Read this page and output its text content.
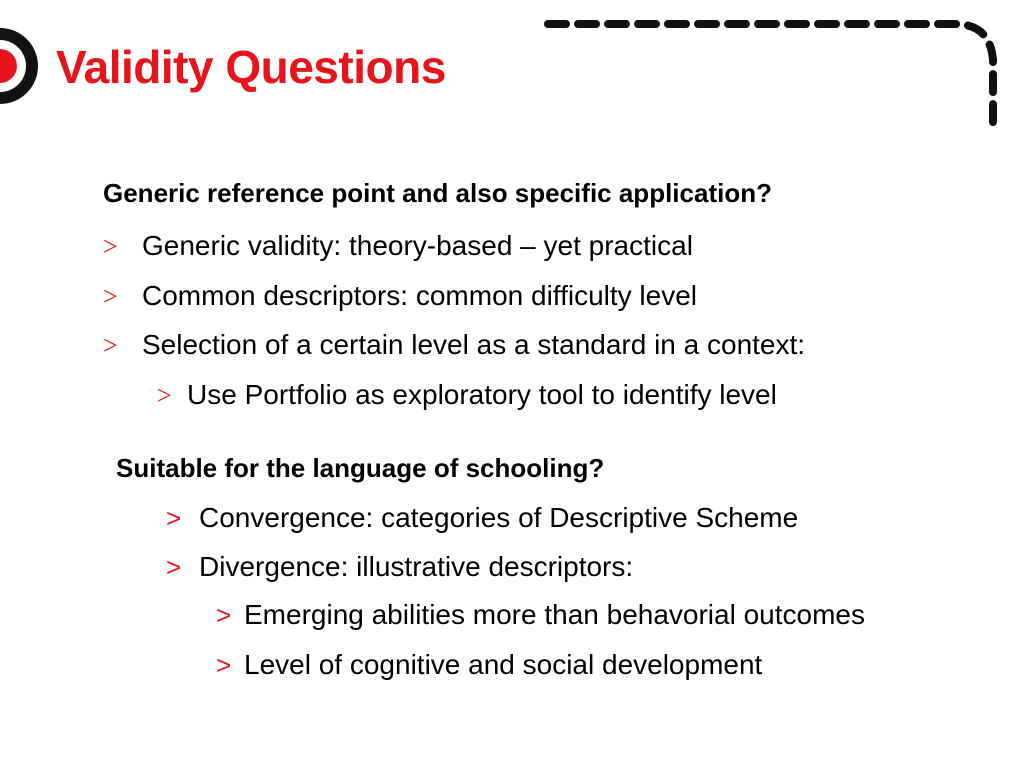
Validity Questions
Generic reference point and also specific application?
> Generic validity: theory-based – yet practical
> Common descriptors: common difficulty level
> Selection of a certain level as a standard in a context:
> Use Portfolio as exploratory tool to identify level
Suitable for the language of schooling?
> Convergence: categories of Descriptive Scheme
> Divergence: illustrative descriptors:
> Emerging abilities more than behavorial outcomes
> Level of cognitive and social development
